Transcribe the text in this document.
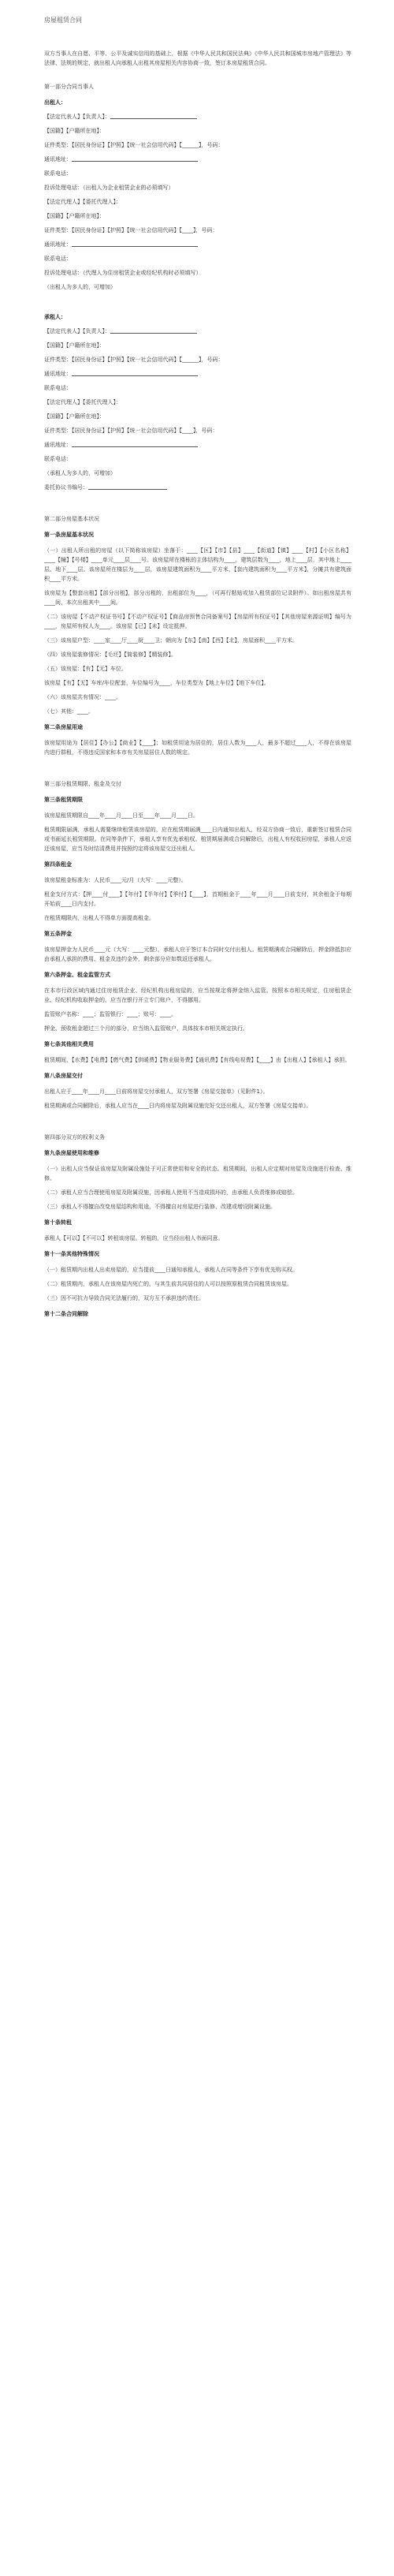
房屋租赁合同
双方当事人在自愿、平等、公平及诚实信用的基础上，根据《中华人民共和国民法典》《中华人民共和国城市房地产管理法》等法律、法规的规定，就出租人向承租人出租其房屋相关内容协商一致，签订本房屋租赁合同。
第一部分合同当事人
出租人：
【法定代表人】【负责人】：
【国籍】【户籍所在地】：
证件类型：【居民身份证】【护照】【统一社会信用代码】【______】，号码：
通讯地址：
联系电话：
投诉处理电话：（出租人为企业租赁企业的必须填写）
【法定代理人】【委托代理人】：
【国籍】【户籍所在地】：
证件类型：【居民身份证】【护照】【统一社会信用代码】【____】，号码：
通讯地址：
联系电话：
投诉处理电话：（代理人为住房租赁企业或经纪机构时必须填写）
（出租人为多人的，可增加）
承租人：
【法定代表人】【负责人】：
【国籍】【户籍所在地】：
证件类型：【居民身份证】【护照】【统一社会信用代码】【______】，号码：
通讯地址：
联系电话：
【法定代理人】【委托代理人】：
【国籍】【户籍所在地】：
证件类型：【居民身份证】【护照】【统一社会信用代码】【____】，号码：
通讯地址：
联系电话：
（承租人为多人的，可增加）
委托协议书编号：
第二部分房屋基本状况
第一条房屋基本状况
（一）出租人所出租的房屋（以下简称该房屋）坐落于：____【区】【市】【县】____【街道】【镇】____【村】【小区名称】____【幢】【号楼】____单元____层____号。该房屋所在楼栋的主体结构为____，建筑层数为____，地上____层，其中地上____层、地下____层。该房屋所在楼层为____层，该房屋建筑面积为____平方米，【套内建筑面积为____平方米】，分摊共有建筑面积____平方米。
该房屋为【整套出租】【部分出租】，部分出租的，出租部位为____，（可再行粘贴或加入租赁部位记录附件）。如出租房屋共有____间，本次出租其中____间。
（二）该房屋【不动产权证书号】【不动产权证号】【商品房预售合同备案号】【房屋所有权证号】【其他房屋来源证明】编号为____，房屋所有权人为____。该房屋【已】【未】设定抵押。
（三）该房屋户型：____室____厅____厨____卫；朝向为【东】【南】【西】【北】，房屋面积____平方米。
（四）该房屋装修情况：【毛坯】【简装修】【精装修】。
（五）该房屋：【有】【无】车位。
该房屋【有】【无】车库/车位配套，车位编号为____，车位类型为【地上车位】【地下车位】。
（六）该房屋共有情况：____。
（七）其他：____。
第二条房屋用途
该房屋用途为【居住】【办公】【商业】【____】；如租赁用途为居住的，居住人数为____人，最多不超过____人，不得在该房屋内进行群租，不得违反国家和本市有关房屋居住人数的规定。
第三部分租赁期限、租金及交付
第三条租赁期限
该房屋租赁期限自____年____月____日至____年____月____日。
租赁期限届满，承租人需要继续租赁该房屋的，应在租赁期届满____日内通知出租人，经双方协商一致后，重新签订租赁合同或书面延长租赁期限。在同等条件下，承租人享有优先承租权。租赁期届满或合同解除后，出租人有权收回房屋，承租人应返还该房屋，应当及时结清费用并按照约定将该房屋交还出租人。
第四条租金
该房屋租金标准为：人民币____元/月（大写：____元整）。
租金支付方式：【押____付____】【年付】【半年付】【季付】【____】，首期租金于____年____月____日前支付，其余租金于每期开始前____日内支付。
在租赁期限内，出租人不得单方面提高租金。
第五条押金
该房屋押金为人民币____元（大写：____元整），承租人应于签订本合同时交付出租人。租赁期满或合同解除后，押金除抵扣应由承租人承担的费用、租金及违约金外，剩余部分应如数返还承租人。
第六条押金、租金监管方式
在本市行政区域内通过住房租赁企业、经纪机构出租房屋的，应当按规定将押金纳入监管。按照本市相关规定，住房租赁企业、经纪机构收取押金的，应当在银行开立专门账户，不得挪用。
监管账户名称：____；监管银行：____；账号：____。
押金、预收租金超过三个月的部分，应当纳入监管账户，具体按本市相关规定执行。
第七条其他相关费用
租赁期间，【水费】【电费】【燃气费】【供暖费】【物业服务费】【通讯费】【有线电视费】【____】由【出租人】【承租人】承担。
第八条房屋交付
出租人应于____年____月____日前将房屋交付承租人，双方签署《房屋交接单》（见附件1）。
租赁期满或合同解除后，承租人应当在____日内将房屋及附属设施完好交还出租人，双方签署《房屋交接单》。
第四部分双方的权利义务
第九条房屋使用和维修
（一）出租人应当保证该房屋及附属设施处于可正常使用和安全的状态。租赁期间，出租人应定期对房屋及设施进行检查、维修。
（二）承租人应当合理使用房屋及附属设施，因承租人使用不当造成损坏的，由承租人负责维修或赔偿。
（三）承租人不得擅自改变房屋结构和用途，不得擅自对房屋进行装修、改建或增设附属设施。
第十条转租
承租人【可以】【不可以】转租该房屋。转租的，应当经出租人书面同意。
第十一条其他特殊情况
（一）租赁期内出租人出卖房屋的，应当提前____日通知承租人，承租人在同等条件下享有优先购买权。
（二）租赁期内，承租人在该房屋内死亡的，与其生前共同居住的人可以按照原租赁合同租赁该房屋。
（三）因不可抗力导致合同无法履行的，双方互不承担违约责任。
第十二条合同解除
